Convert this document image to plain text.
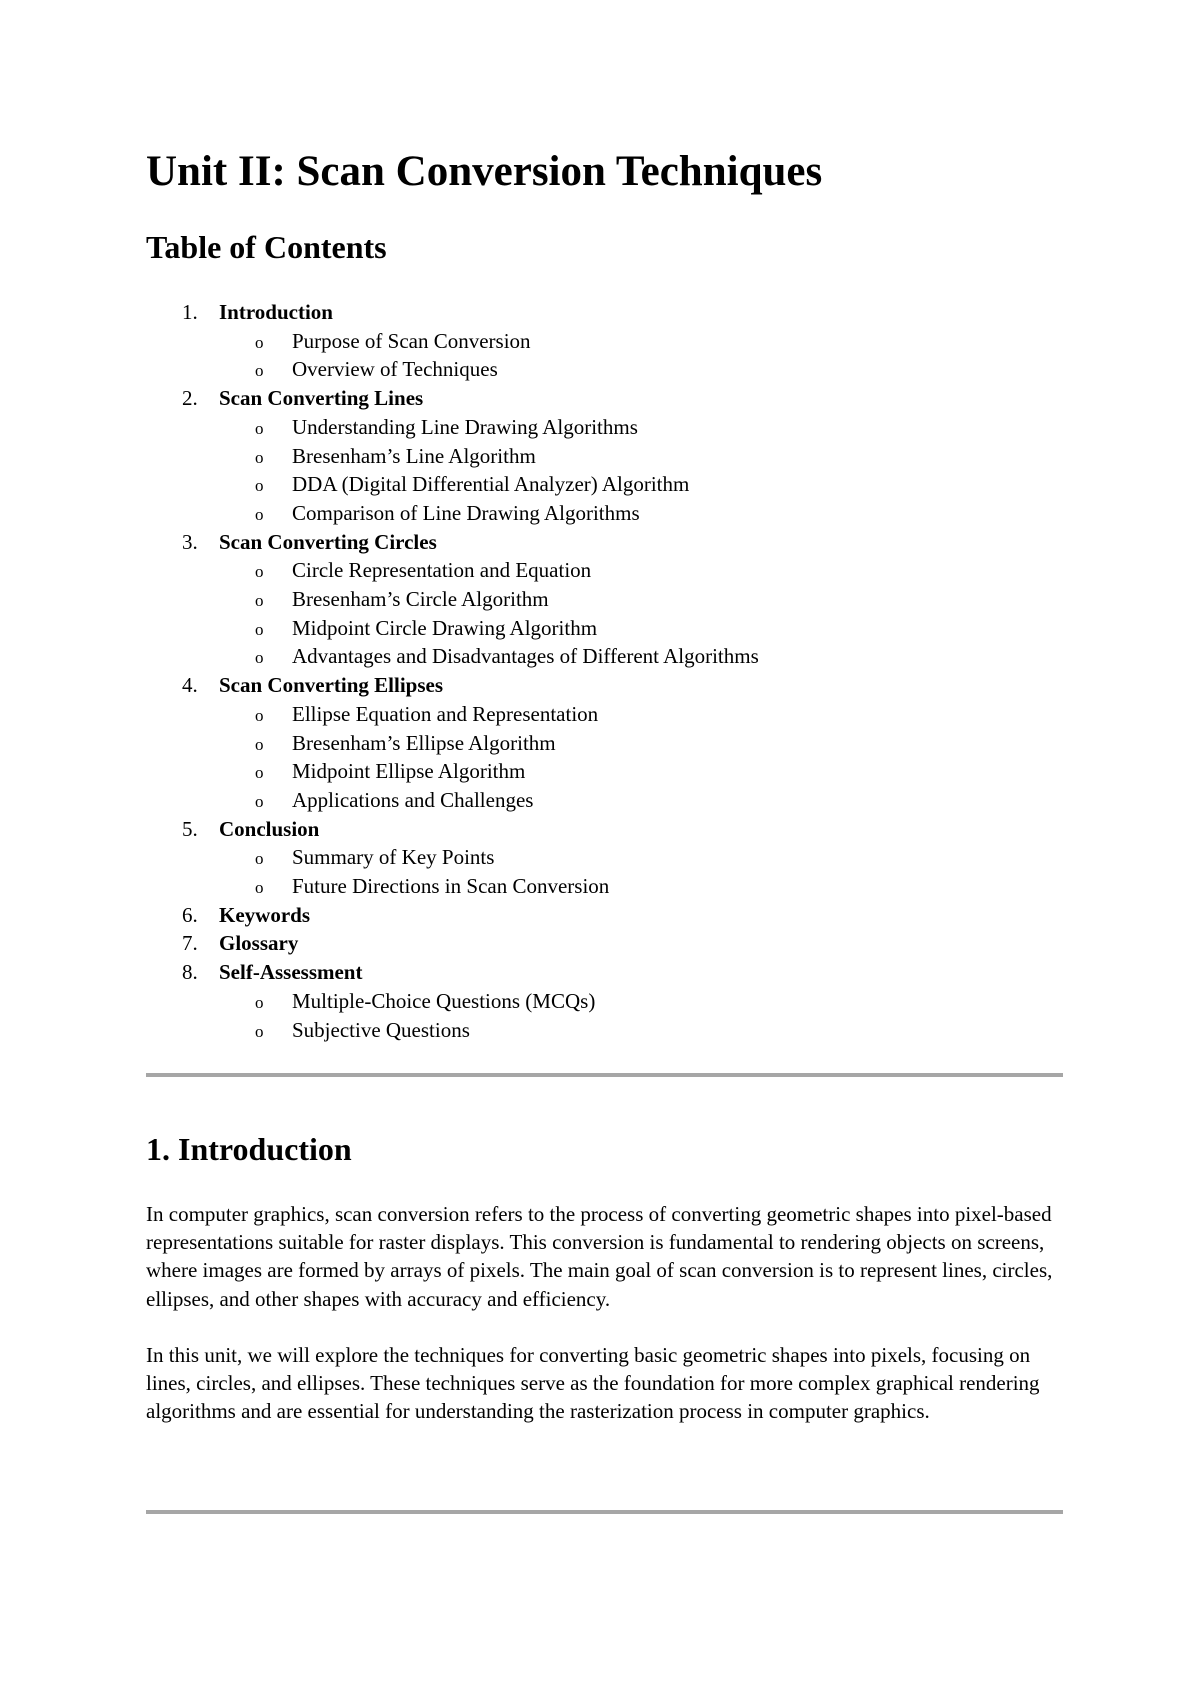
Unit II: Scan Conversion Techniques
Table of Contents
1.	Introduction
o Purpose of Scan Conversion
o Overview of Techniques
2.	Scan Converting Lines
o Understanding Line Drawing Algorithms
o Bresenham’s Line Algorithm
o DDA (Digital Differential Analyzer) Algorithm
o Comparison of Line Drawing Algorithms
3.	Scan Converting Circles
o Circle Representation and Equation
o Bresenham’s Circle Algorithm
o Midpoint Circle Drawing Algorithm
o Advantages and Disadvantages of Different Algorithms
4.	Scan Converting Ellipses
o Ellipse Equation and Representation
o Bresenham’s Ellipse Algorithm
o Midpoint Ellipse Algorithm
o Applications and Challenges
5.	Conclusion
o Summary of Key Points
o Future Directions in Scan Conversion
6.	Keywords
7.	Glossary
8.	Self-Assessment
o Multiple-Choice Questions (MCQs)
o Subjective Questions
1. Introduction

In computer graphics, scan conversion refers to the process of converting geometric shapes into pixel-based representations suitable for raster displays. This conversion is fundamental to rendering objects on screens, where images are formed by arrays of pixels. The main goal of scan conversion is to represent lines, circles, ellipses, and other shapes with accuracy and efficiency.

In this unit, we will explore the techniques for converting basic geometric shapes into pixels, focusing on lines, circles, and ellipses. These techniques serve as the foundation for more complex graphical rendering algorithms and are essential for understanding the rasterization process in computer graphics.
